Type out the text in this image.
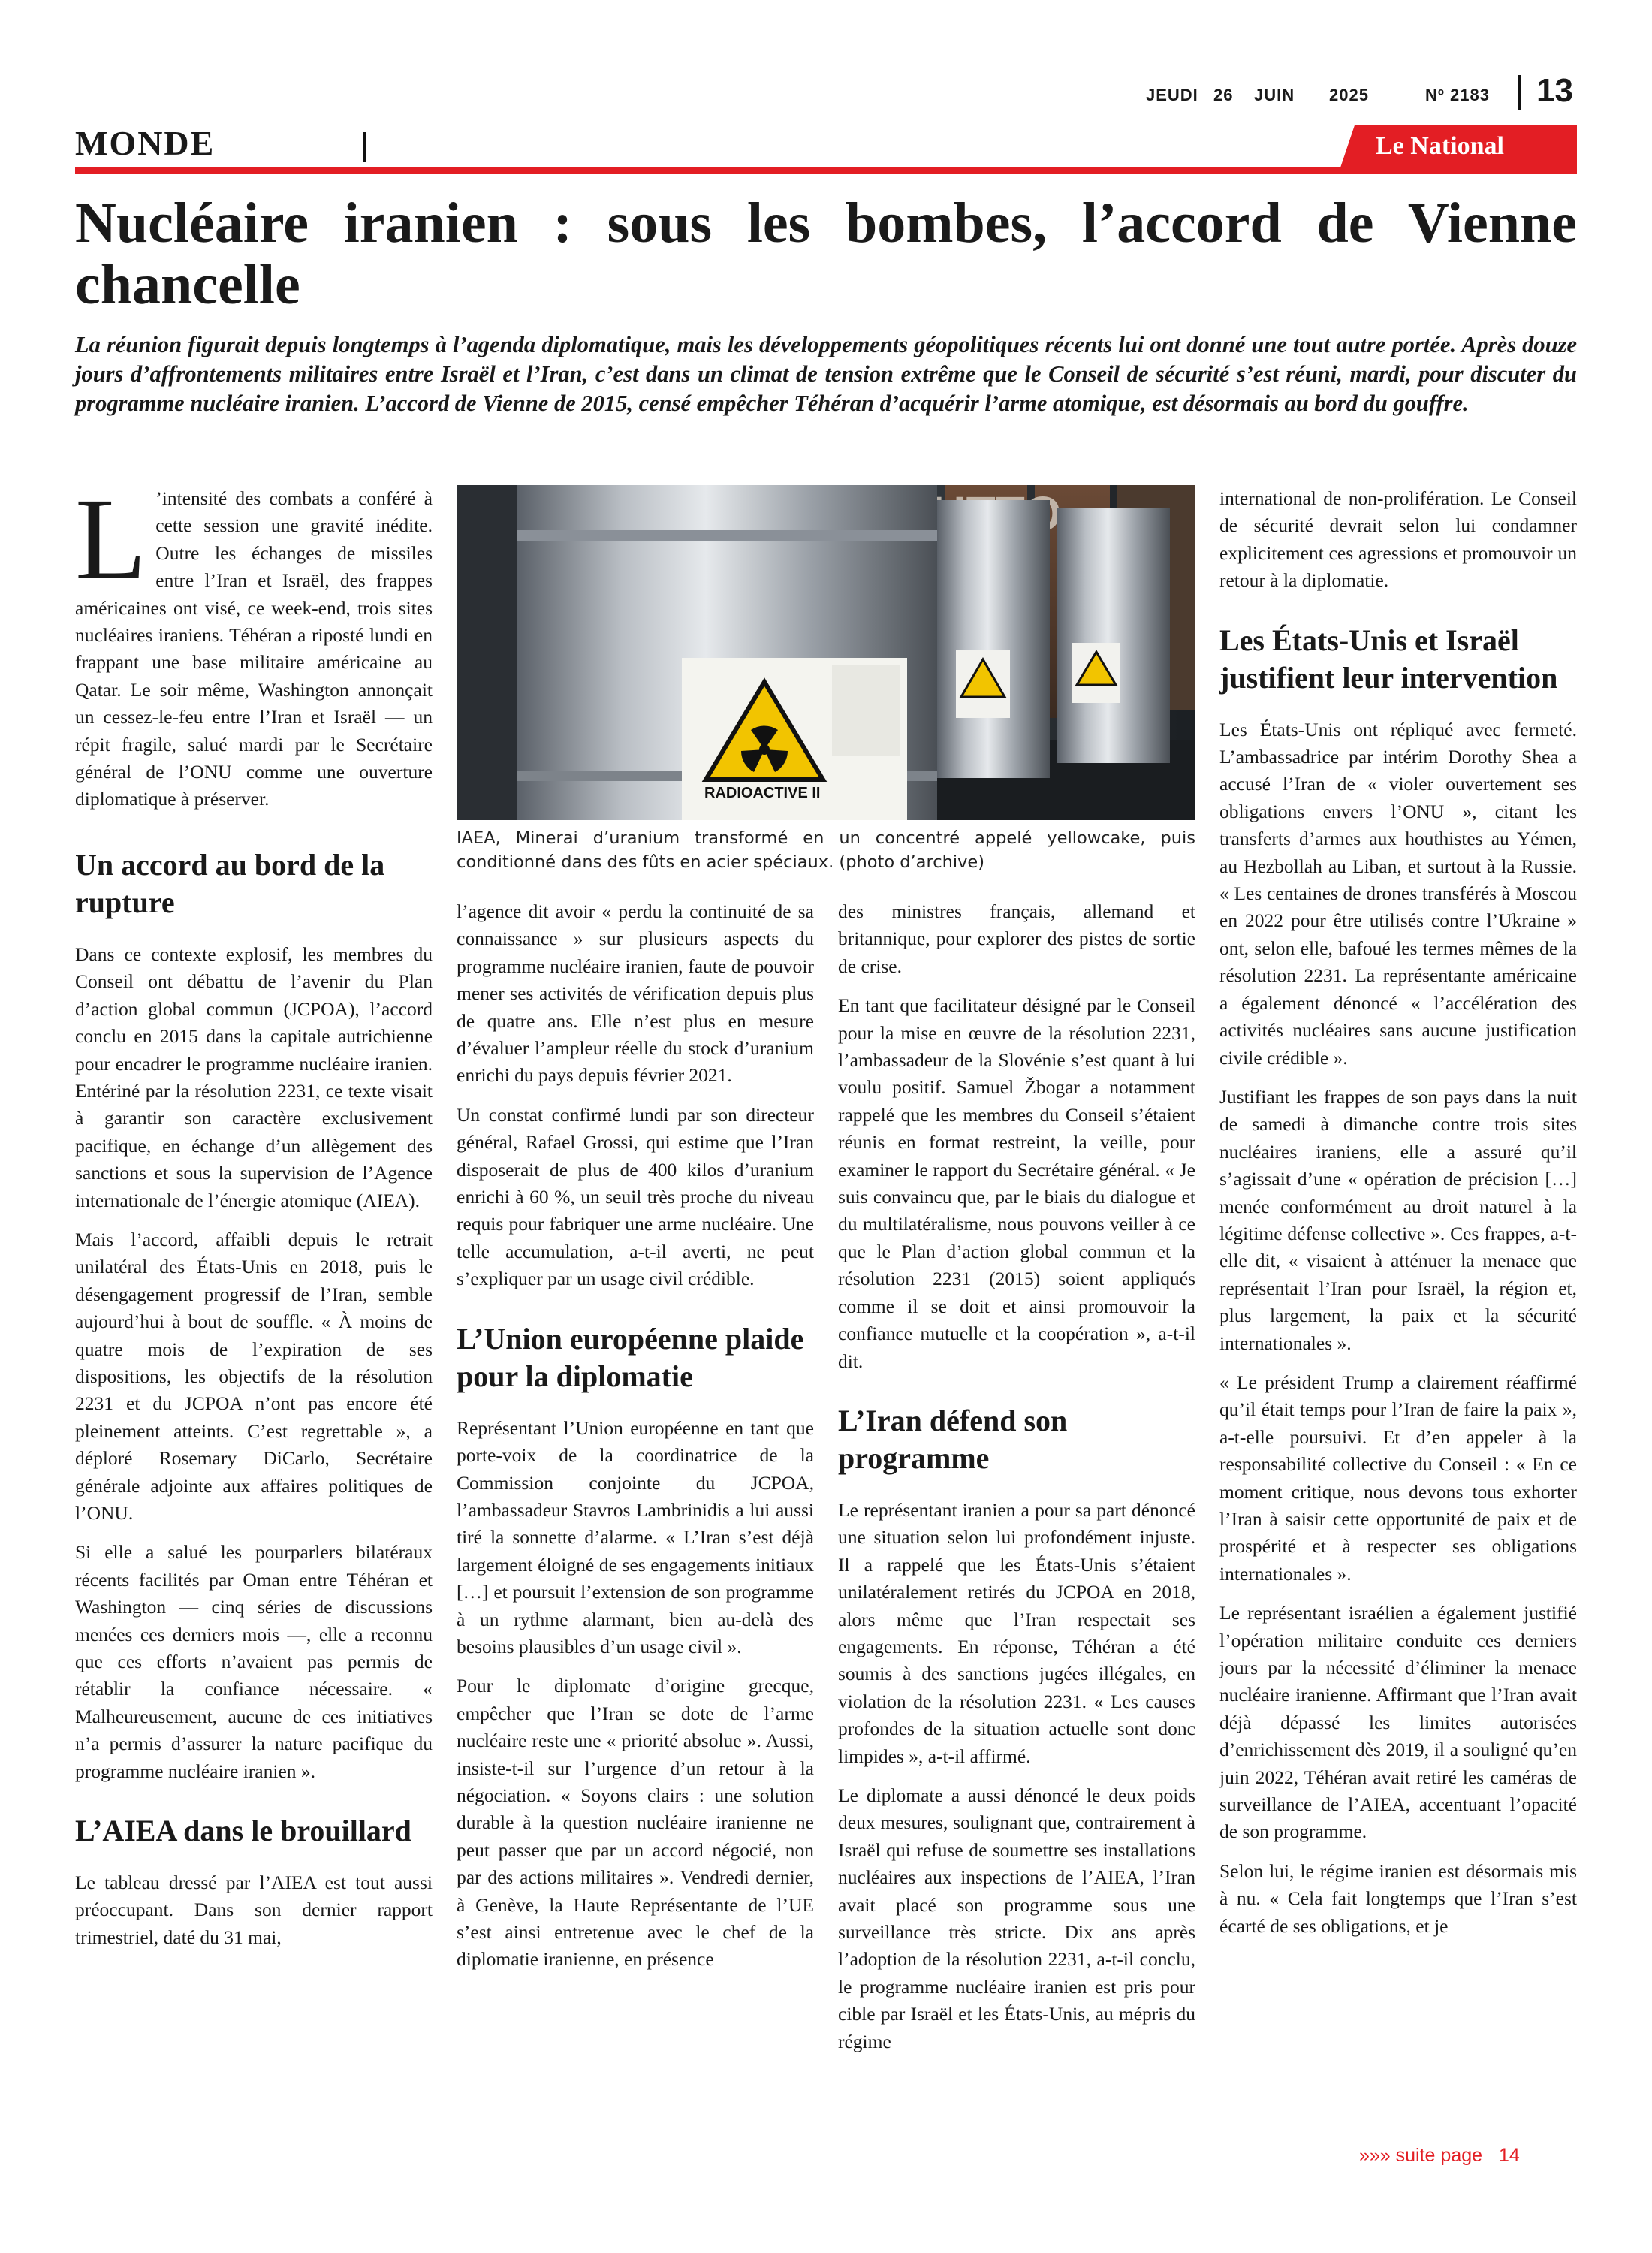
JEUDI 26 JUIN 2025	Nº 2183 13
MONDE	Le National
Nucléaire iranien : sous les bombes, l’accord de Vienne chancelle
La réunion figurait depuis longtemps à l’agenda diplomatique, mais les développements géopolitiques récents lui ont donné une tout autre portée. Après douze jours d’affrontements militaires entre Israël et l’Iran, c’est dans un climat de tension extrême que le Conseil de sécurité s’est réuni, mardi, pour discuter du programme nucléaire iranien. L’accord de Vienne de 2015, censé empêcher Téhéran d’acquérir l’arme atomique, est désormais au bord du gouffre.

L ’intensité des combats a conféré à cette session une gravité inédite. Outre les échanges de missiles entre l’Iran et Israël, des frappes américaines ont visé, ce week-end, trois sites nucléaires iraniens. Téhéran a riposté lundi en frappant une base militaire américaine au Qatar. Le soir même, Washington annonçait un cessez-le-feu entre l’Iran et Israël — un répit fragile, salué mardi par le Secrétaire général de l’ONU comme une ouverture diplomatique à préserver.

Un accord au bord de la rupture

Dans ce contexte explosif, les membres du Conseil ont débattu de l’avenir du Plan d’action global commun (JCPOA), l’accord conclu en 2015 dans la capitale autrichienne pour encadrer le programme nucléaire iranien. Entériné par la résolution 2231, ce texte visait à garantir son caractère exclusivement pacifique, en échange d’un allègement des sanctions et sous la supervision de l’Agence internationale de l’énergie atomique (AIEA).

Mais l’accord, affaibli depuis le retrait unilatéral des États-Unis en 2018, puis le désengagement progressif de l’Iran, semble aujourd’hui à bout de souffle. « À moins de quatre mois de l’expiration de ses dispositions, les objectifs de la résolution 2231 et du JCPOA n’ont pas encore été pleinement atteints. C’est regrettable », a déploré Rosemary DiCarlo, Secrétaire générale adjointe aux affaires politiques de l’ONU.

Si elle a salué les pourparlers bilatéraux récents facilités par Oman entre Téhéran et Washington — cinq séries de discussions menées ces derniers mois —, elle a reconnu que ces efforts n’avaient pas permis de rétablir la confiance nécessaire. « Malheureusement, aucune de ces initiatives n’a permis d’assurer la nature pacifique du programme nucléaire iranien ».

L’AIEA dans le brouillard

Le tableau dressé par l’AIEA est tout aussi préoccupant. Dans son dernier rapport trimestriel, daté du 31 mai,

RADIOACTIVE II
IAEA, Minerai d’uranium transformé en un concentré appelé yellowcake, puis conditionné dans des fûts en acier spéciaux. (photo d’archive)

l’agence dit avoir « perdu la continuité de sa connaissance » sur plusieurs aspects du programme nucléaire iranien, faute de pouvoir mener ses activités de vérification depuis plus de quatre ans. Elle n’est plus en mesure d’évaluer l’ampleur réelle du stock d’uranium enrichi du pays depuis février 2021.

Un constat confirmé lundi par son directeur général, Rafael Grossi, qui estime que l’Iran disposerait de plus de 400 kilos d’uranium enrichi à 60 %, un seuil très proche du niveau requis pour fabriquer une arme nucléaire. Une telle accumulation, a-t-il averti, ne peut s’expliquer par un usage civil crédible.

L’Union européenne plaide pour la diplomatie

Représentant l’Union européenne en tant que porte-voix de la coordinatrice de la Commission conjointe du JCPOA, l’ambassadeur Stavros Lambrinidis a lui aussi tiré la sonnette d’alarme. « L’Iran s’est déjà largement éloigné de ses engagements initiaux […] et poursuit l’extension de son programme à un rythme alarmant, bien au-delà des besoins plausibles d’un usage civil ».

Pour le diplomate d’origine grecque, empêcher que l’Iran se dote de l’arme nucléaire reste une « priorité absolue ». Aussi, insiste-t-il sur l’urgence d’un retour à la négociation. « Soyons clairs : une solution durable à la question nucléaire iranienne ne peut passer que par un accord négocié, non par des actions militaires ». Vendredi dernier, à Genève, la Haute Représentante de l’UE s’est ainsi entretenue avec le chef de la diplomatie iranienne, en présence

des ministres français, allemand et britannique, pour explorer des pistes de sortie de crise.

En tant que facilitateur désigné par le Conseil pour la mise en œuvre de la résolution 2231, l’ambassadeur de la Slovénie s’est quant à lui voulu positif. Samuel Žbogar a notamment rappelé que les membres du Conseil s’étaient réunis en format restreint, la veille, pour examiner le rapport du Secrétaire général. « Je suis convaincu que, par le biais du dialogue et du multilatéralisme, nous pouvons veiller à ce que le Plan d’action global commun et la résolution 2231 (2015) soient appliqués comme il se doit et ainsi promouvoir la confiance mutuelle et la coopération », a-t-il dit.

L’Iran défend son programme

Le représentant iranien a pour sa part dénoncé une situation selon lui profondément injuste. Il a rappelé que les États-Unis s’étaient unilatéralement retirés du JCPOA en 2018, alors même que l’Iran respectait ses engagements. En réponse, Téhéran a été soumis à des sanctions jugées illégales, en violation de la résolution 2231. « Les causes profondes de la situation actuelle sont donc limpides », a-t-il affirmé.

Le diplomate a aussi dénoncé le deux poids deux mesures, soulignant que, contrairement à Israël qui refuse de soumettre ses installations nucléaires aux inspections de l’AIEA, l’Iran avait placé son programme sous une surveillance très stricte. Dix ans après l’adoption de la résolution 2231, a-t-il conclu, le programme nucléaire iranien est pris pour cible par Israël et les États-Unis, au mépris du régime

international de non-prolifération. Le Conseil de sécurité devrait selon lui condamner explicitement ces agressions et promouvoir un retour à la diplomatie.

Les États-Unis et Israël justifient leur intervention

Les États-Unis ont répliqué avec fermeté. L’ambassadrice par intérim Dorothy Shea a accusé l’Iran de « violer ouvertement ses obligations envers l’ONU », citant les transferts d’armes aux houthistes au Yémen, au Hezbollah au Liban, et surtout à la Russie. « Les centaines de drones transférés à Moscou en 2022 pour être utilisés contre l’Ukraine » ont, selon elle, bafoué les termes mêmes de la résolution 2231. La représentante américaine a également dénoncé « l’accélération des activités nucléaires sans aucune justification civile crédible ».

Justifiant les frappes de son pays dans la nuit de samedi à dimanche contre trois sites nucléaires iraniens, elle a assuré qu’il s’agissait d’une « opération de précision […] menée conformément au droit naturel à la légitime défense collective ». Ces frappes, a-t-elle dit, « visaient à atténuer la menace que représentait l’Iran pour Israël, la région et, plus largement, la paix et la sécurité internationales ».

« Le président Trump a clairement réaffirmé qu’il était temps pour l’Iran de faire la paix », a-t-elle poursuivi. Et d’en appeler à la responsabilité collective du Conseil : « En ce moment critique, nous devons tous exhorter l’Iran à saisir cette opportunité de paix et de prospérité et à respecter ses obligations internationales ».

Le représentant israélien a également justifié l’opération militaire conduite ces derniers jours par la nécessité d’éliminer la menace nucléaire iranienne. Affirmant que l’Iran avait déjà dépassé les limites autorisées d’enrichissement dès 2019, il a souligné qu’en juin 2022, Téhéran avait retiré les caméras de surveillance de l’AIEA, accentuant l’opacité de son programme.

Selon lui, le régime iranien est désormais mis à nu. « Cela fait longtemps que l’Iran s’est écarté de ses obligations, et je

»»» suite page 14
